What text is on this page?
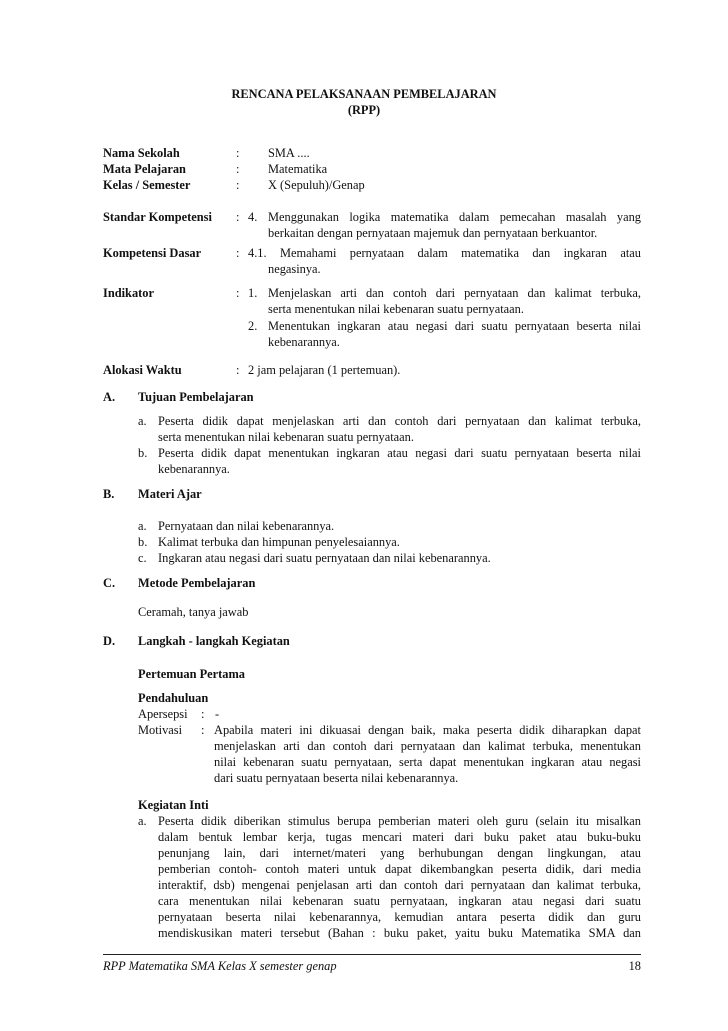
RENCANA PELAKSANAAN PEMBELAJARAN
(RPP)
Nama Sekolah	: SMA ....
Mata Pelajaran	: Matematika
Kelas / Semester	: X (Sepuluh)/Genap
Standar Kompetensi : 4. Menggunakan logika matematika dalam pemecahan masalah yang
berkaitan dengan pernyataan majemuk dan pernyataan berkuantor.
Kompetensi Dasar	: 4.1. Memahami pernyataan dalam matematika dan ingkaran atau
negasinya.
Indikator	: 1. Menjelaskan arti dan contoh dari pernyataan dan kalimat terbuka,
serta menentukan nilai kebenaran suatu pernyataan.
2. Menentukan ingkaran atau negasi dari suatu pernyataan beserta nilai
kebenarannya.
Alokasi Waktu	: 2 jam pelajaran (1 pertemuan).
A. Tujuan Pembelajaran
a. Peserta didik dapat menjelaskan arti dan contoh dari pernyataan dan kalimat terbuka,
serta menentukan nilai kebenaran suatu pernyataan.
b. Peserta didik dapat menentukan ingkaran atau negasi dari suatu pernyataan beserta nilai
kebenarannya.
B. Materi Ajar
a. Pernyataan dan nilai kebenarannya.
b. Kalimat terbuka dan himpunan penyelesaiannya.
c. Ingkaran atau negasi dari suatu pernyataan dan nilai kebenarannya.
C. Metode Pembelajaran
Ceramah, tanya jawab
D. Langkah - langkah Kegiatan
Pertemuan Pertama
Pendahuluan
Apersepsi : -
Motivasi : Apabila materi ini dikuasai dengan baik, maka peserta didik diharapkan dapat
menjelaskan arti dan contoh dari pernyataan dan kalimat terbuka, menentukan
nilai kebenaran suatu pernyataan, serta dapat menentukan ingkaran atau negasi
dari suatu pernyataan beserta nilai kebenarannya.
Kegiatan Inti
a. Peserta didik diberikan stimulus berupa pemberian materi oleh guru (selain itu misalkan
dalam bentuk lembar kerja, tugas mencari materi dari buku paket atau buku-buku
penunjang lain, dari internet/materi yang berhubungan dengan lingkungan, atau
pemberian contoh- contoh materi untuk dapat dikembangkan peserta didik, dari media
interaktif, dsb) mengenai penjelasan arti dan contoh dari pernyataan dan kalimat terbuka,
cara menentukan nilai kebenaran suatu pernyataan, ingkaran atau negasi dari suatu
pernyataan beserta nilai kebenarannya, kemudian antara peserta didik dan guru
mendiskusikan materi tersebut (Bahan : buku paket, yaitu buku Matematika SMA dan
RPP Matematika SMA Kelas X semester genap	18
